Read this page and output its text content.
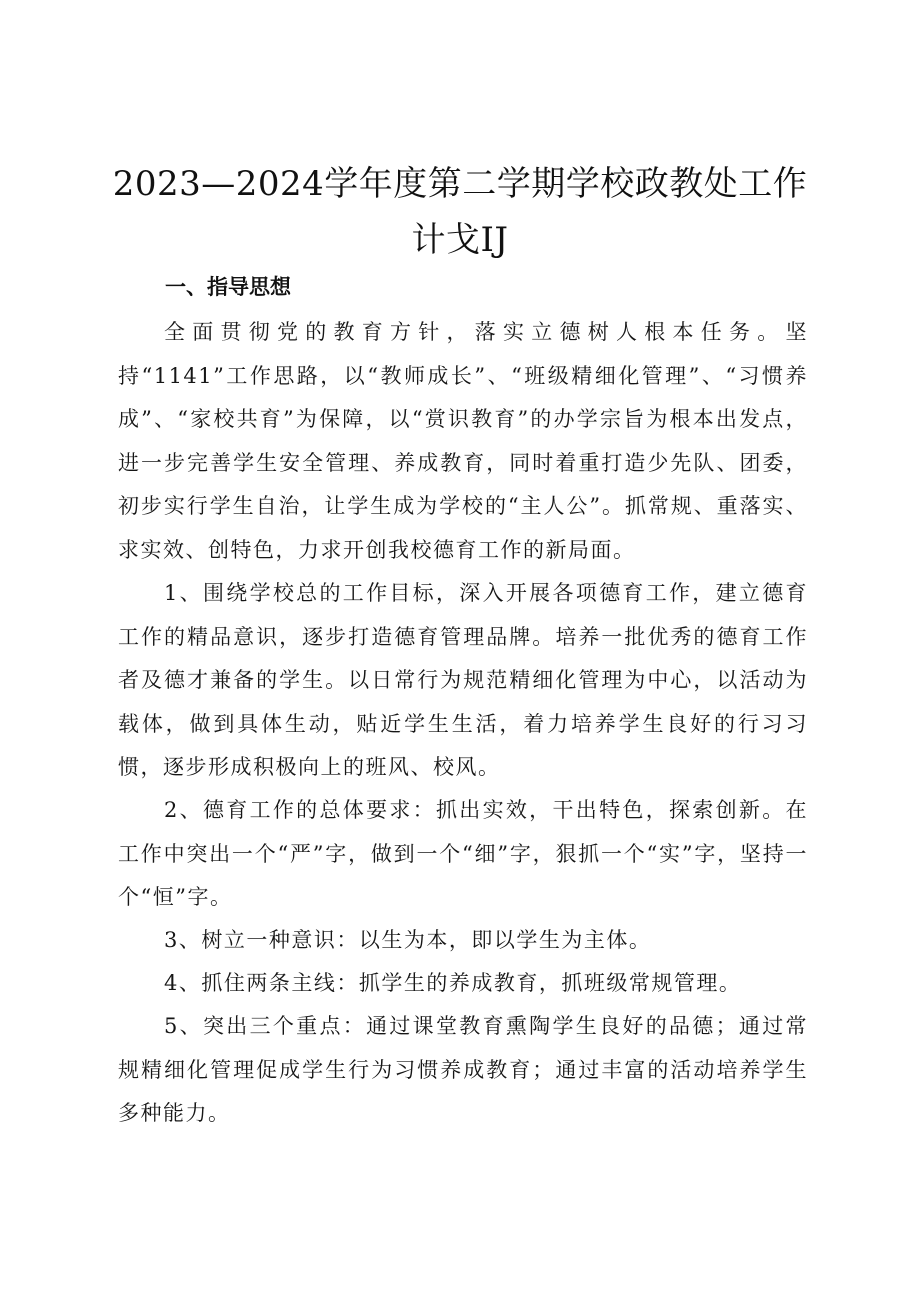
2023—2024学年度第二学期学校政教处工作
计戈IJ
一、指导思想
全面贯彻党的教育方针，落实立德树人根本任务。坚持“1141”工作思路，以“教师成长”、“班级精细化管理”、“习惯养成”、“家校共育”为保障，以“赏识教育”的办学宗旨为根本出发点，进一步完善学生安全管理、养成教育，同时着重打造少先队、团委，初步实行学生自治，让学生成为学校的“主人公”。抓常规、重落实、求实效、创特色，力求开创我校德育工作的新局面。
1、围绕学校总的工作目标，深入开展各项德育工作，建立德育工作的精品意识，逐步打造德育管理品牌。培养一批优秀的德育工作者及德才兼备的学生。以日常行为规范精细化管理为中心，以活动为载体，做到具体生动，贴近学生生活，着力培养学生良好的行习习惯，逐步形成积极向上的班风、校风。
2、德育工作的总体要求：抓出实效，干出特色，探索创新。在工作中突出一个“严”字，做到一个“细”字，狠抓一个“实”字，坚持一个“恒”字。
3、树立一种意识：以生为本，即以学生为主体。
4、抓住两条主线：抓学生的养成教育，抓班级常规管理。
5、突出三个重点：通过课堂教育熏陶学生良好的品德；通过常规精细化管理促成学生行为习惯养成教育；通过丰富的活动培养学生多种能力。
